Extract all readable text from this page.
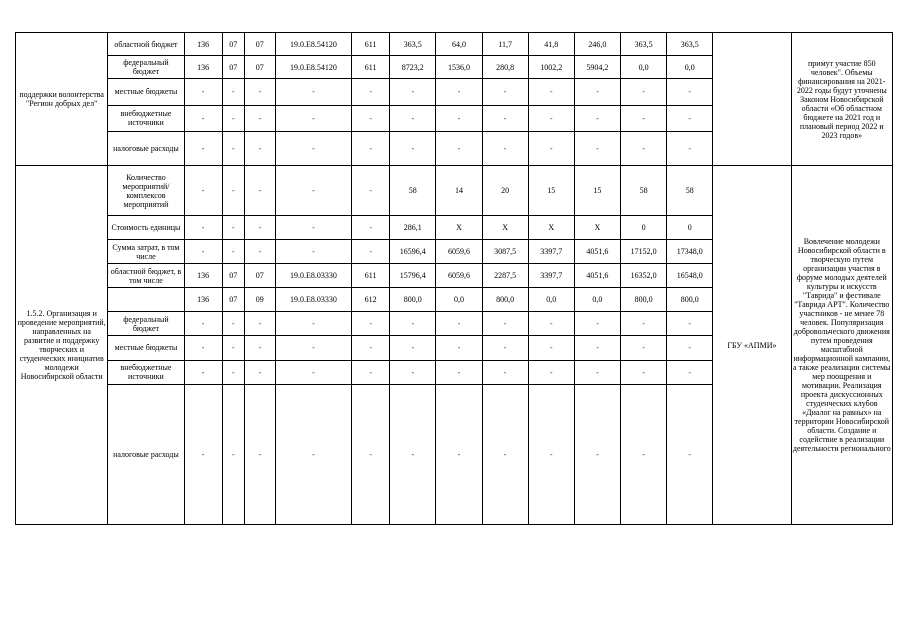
поддержки волонтерства "Регион добрых дел"	областной бюджет	136	07	07	19.0.E8.54120	611	363,5	64,0	11,7	41,8	246,0	363,5	363,5		примут участие 850 человек". Объемы финансирования на 2021-2022 годы будут уточнены Законом Новосибирской области «Об областном бюджете на 2021 год и плановый период 2022 и 2023 годов»
	федеральный бюджет	136	07	07	19.0.E8.54120	611	8723,2	1536,0	280,8	1002,2	5904,2	0,0	0,0		
	местные бюджеты	-	-	-	-	-	-	-	-	-	-	-	-		
	внебюджетные источники	-	-	-	-	-	-	-	-	-	-	-	-		
	налоговые расходы	-	-	-	-	-	-	-	-	-	-	-	-		
1.5.2. Организация и проведение мероприятий, направленных на развитие и поддержку творческих и студенческих инициатив молодежи Новосибирской области	Количество мероприятий/комплексов мероприятий	-	-	-	-	-	58	14	20	15	15	58	58	ГБУ «АПМИ»	Вовлечение молодежи Новосибирской области в творческую путем организации участия в форуме молодых деятелей культуры и искусств "Таврида" и фестивале "Таврида АРТ". Количество участников - не менее 78 человек. Популяризация добровольческого движения путем проведения масштабной информационной кампании, а также реализации системы мер поощрения и мотивации. Реализация проекта дискуссионных студенческих клубов «Диалог на равных» на территории Новосибирской области. Создание и содействие в реализации деятельности регионального
	Стоимость единицы	-	-	-	-	-	286,1	X	X	X	X	0	0		
	Сумма затрат, в том числе	-	-	-	-	-	16596,4	6059,6	3087,5	3397,7	4051,6	17152,0	17348,0		
	областной бюджет, в том числе	136	07	07	19.0.E8.03330	611	15796,4	6059,6	2287,5	3397,7	4051,6	16352,0	16548,0		
		136	07	09	19.0.E8.03330	612	800,0	0,0	800,0	0,0	0,0	800,0	800,0		
	федеральный бюджет	-	-	-	-	-	-	-	-	-	-	-	-		
	местные бюджеты	-	-	-	-	-	-	-	-	-	-	-	-		
	внебюджетные источники	-	-	-	-	-	-	-	-	-	-	-	-		
	налоговые расходы	-	-	-	-	-	-	-	-	-	-	-	-		
